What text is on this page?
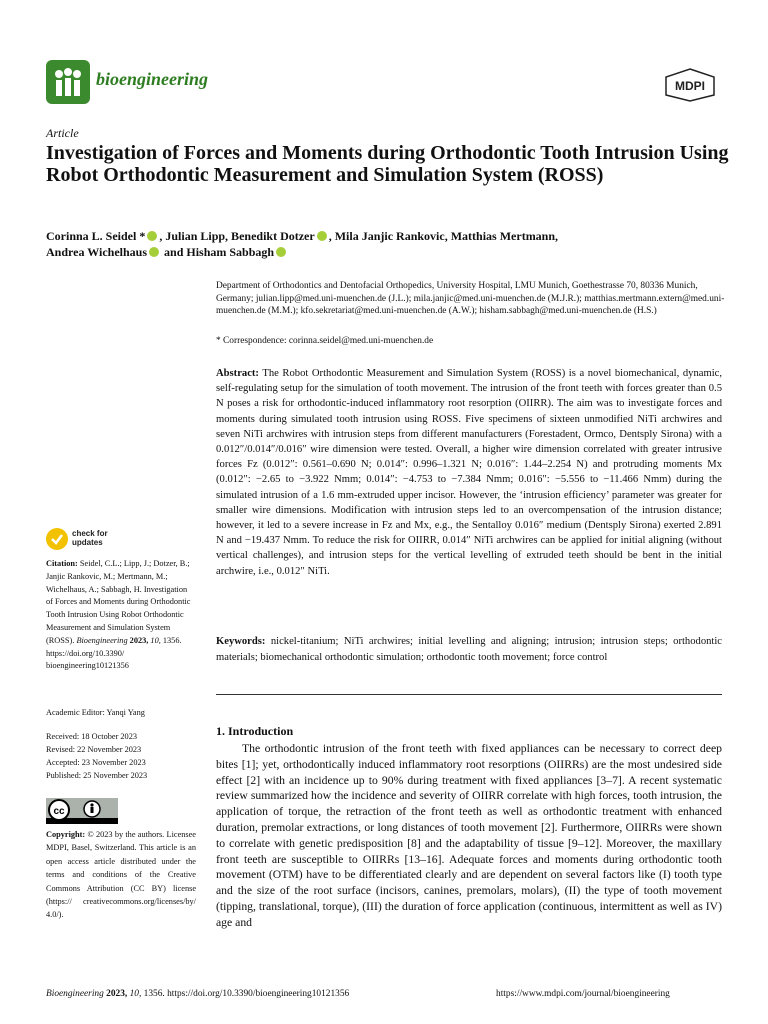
bioengineering	MDPI
Article
Investigation of Forces and Moments during Orthodontic Tooth Intrusion Using Robot Orthodontic Measurement and Simulation System (ROSS)
Corinna L. Seidel * , Julian Lipp, Benedikt Dotzer , Mila Janjic Rankovic, Matthias Mertmann,
Andrea Wichelhaus and Hisham Sabbagh
Department of Orthodontics and Dentofacial Orthopedics, University Hospital, LMU Munich, Goethestrasse 70, 80336 Munich, Germany; julian.lipp@med.uni-muenchen.de (J.L.); mila.janjic@med.uni-muenchen.de (M.J.R.); matthias.mertmann.extern@med.uni-muenchen.de (M.M.); kfo.sekretariat@med.uni-muenchen.de (A.W.); hisham.sabbagh@med.uni-muenchen.de (H.S.)
* Correspondence: corinna.seidel@med.uni-muenchen.de
Abstract: The Robot Orthodontic Measurement and Simulation System (ROSS) is a novel biomechanical, dynamic, self-regulating setup for the simulation of tooth movement. The intrusion of the front teeth with forces greater than 0.5 N poses a risk for orthodontic-induced inflammatory root resorption (OIIRR). The aim was to investigate forces and moments during simulated tooth intrusion using ROSS. Five specimens of sixteen unmodified NiTi archwires and seven NiTi archwires with intrusion steps from different manufacturers (Forestadent, Ormco, Dentsply Sirona) with a 0.012″/0.014″/0.016″ wire dimension were tested. Overall, a higher wire dimension correlated with greater intrusive forces Fz (0.012″: 0.561–0.690 N; 0.014″: 0.996–1.321 N; 0.016″: 1.44–2.254 N) and protruding moments Mx (0.012″: −2.65 to −3.922 Nmm; 0.014″: −4.753 to −7.384 Nmm; 0.016″: −5.556 to −11.466 Nmm) during the simulated intrusion of a 1.6 mm-extruded upper incisor. However, the ‘intrusion efficiency’ parameter was greater for smaller wire dimensions. Modification with intrusion steps led to an overcompensation of the intrusion distance; however, it led to a severe increase in Fz and Mx, e.g., the Sentalloy 0.016″ medium (Dentsply Sirona) exerted 2.891 N and −19.437 Nmm. To reduce the risk for OIIRR, 0.014″ NiTi archwires can be applied for initial aligning (without vertical challenges), and intrusion steps for the vertical levelling of extruded teeth should be bent in the initial archwire, i.e., 0.012″ NiTi.
Keywords: nickel-titanium; NiTi archwires; initial levelling and aligning; intrusion; intrusion steps; orthodontic materials; biomechanical orthodontic simulation; orthodontic tooth movement; force control
check for
updates
Citation: Seidel, C.L.; Lipp, J.; Dotzer, B.; Janjic Rankovic, M.; Mertmann, M.; Wichelhaus, A.; Sabbagh, H. Investigation of Forces and Moments during Orthodontic Tooth Intrusion Using Robot Orthodontic Measurement and Simulation System (ROSS). Bioengineering 2023, 10, 1356. https://doi.org/10.3390/ bioengineering10121356
Academic Editor: Yanqi Yang
Received: 18 October 2023
Revised: 22 November 2023
Accepted: 23 November 2023
Published: 25 November 2023
cc
Copyright: © 2023 by the authors. Licensee MDPI, Basel, Switzerland. This article is an open access article distributed under the terms and conditions of the Creative Commons Attribution (CC BY) license (https:// creativecommons.org/licenses/by/ 4.0/).
1. Introduction
The orthodontic intrusion of the front teeth with fixed appliances can be necessary to correct deep bites [1]; yet, orthodontically induced inflammatory root resorptions (OIIRRs) are the most undesired side effect [2] with an incidence up to 90% during treatment with fixed appliances [3–7]. A recent systematic review summarized how the incidence and severity of OIIRR correlate with high forces, tooth intrusion, the application of torque, the retraction of the front teeth as well as orthodontic treatment with enhanced duration, premolar extractions, or long distances of tooth movement [2]. Furthermore, OIIRRs were shown to correlate with genetic predisposition [8] and the adaptability of tissue [9–12]. Moreover, the maxillary front teeth are susceptible to OIIRRs [13–16]. Adequate forces and moments during orthodontic tooth movement (OTM) have to be differentiated clearly and are dependent on several factors like (I) tooth type and the size of the root surface (incisors, canines, premolars, molars), (II) the type of tooth movement (tipping, translational, torque), (III) the duration of force application (continuous, intermittent as well as IV) age and
Bioengineering 2023, 10, 1356. https://doi.org/10.3390/bioengineering10121356	https://www.mdpi.com/journal/bioengineering
